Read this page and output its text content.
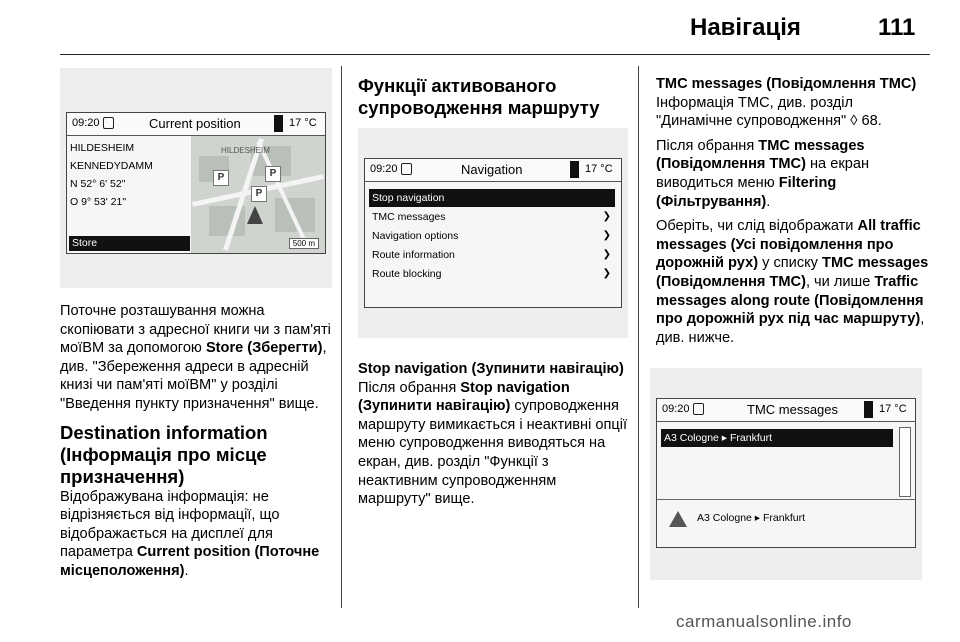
Навігація	111
09:20	Current position	17 °C
HILDESHEIM
KENNEDYDAMM
N 52° 6' 52"
O 9° 53' 21"
HILDESHEIM
P
P
P
500 m
Store

Поточне розташування можна скопіювати з адресної книги чи з пам'яті моїВМ за допомогою Store (Зберегти), див. "Збереження адреси в адресній книзі чи пам'яті моїВМ" у розділі "Введення пункту призначення" вище.

Destination information (Інформація про місце призначення)

Відображувана інформація: не відрізняється від інформації, що відображається на дисплеї для параметра Current position (Поточне місцеположення).

Функції активованого супроводження маршруту
09:20	Navigation	17 °C
Stop navigation
TMC messages	❯
Navigation options	❯
Route information	❯
Route blocking	❯
Stop navigation (Зупинити навігацію)

Після обрання Stop navigation (Зупинити навігацію) супроводження маршруту вимикається і неактивні опції меню супроводження виводяться на екран, див. розділ "Функції з неактивним супроводженням маршруту" вище.

TMC messages (Повідомлення TMC)

Інформація TMC, див. розділ "Динамічне супроводження" ◊ 68.

Після обрання TMC messages (Повідомлення TMC) на екран виводиться меню Filtering (Фільтрування).

Оберіть, чи слід відображати All traffic messages (Усі повідомлення про дорожній рух) у списку TMC messages (Повідомлення TMC), чи лише Traffic messages along route (Повідомлення про дорожній рух під час маршруту), див. нижче.

09:20	TMC messages	17 °C
A3 Cologne ▸ Frankfurt
A3 Cologne ▸ Frankfurt
carmanualsonline.info
